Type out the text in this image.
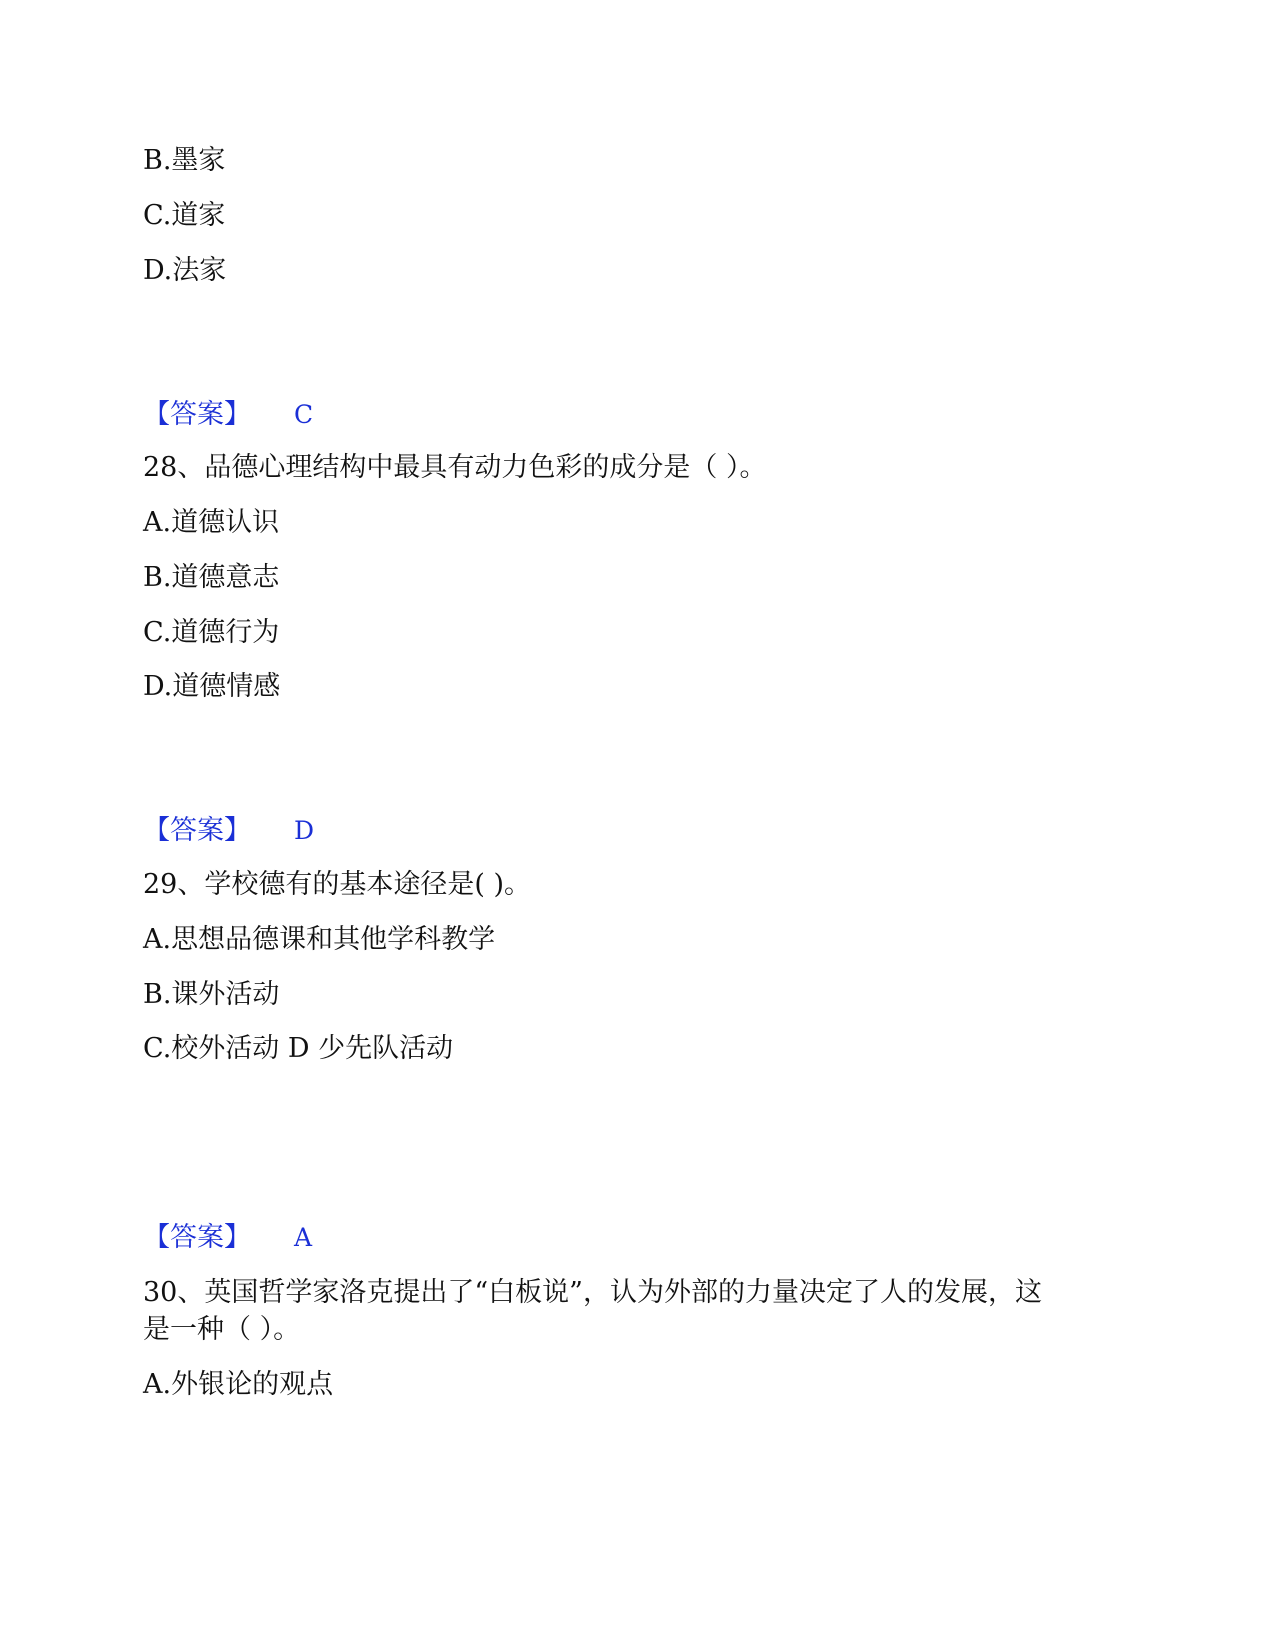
B.墨家
C.道家
D.法家
【答案】 C
28、品德心理结构中最具有动力色彩的成分是（ ）。
A.道德认识
B.道德意志
C.道德行为
D.道德情感
【答案】 D
29、学校德有的基本途径是( )。
A.思想品德课和其他学科教学
B.课外活动
C.校外活动 D 少先队活动
【答案】 A
30、英国哲学家洛克提出了“白板说”，认为外部的力量决定了人的发展，这
是一种（ ）。
A.外银论的观点
